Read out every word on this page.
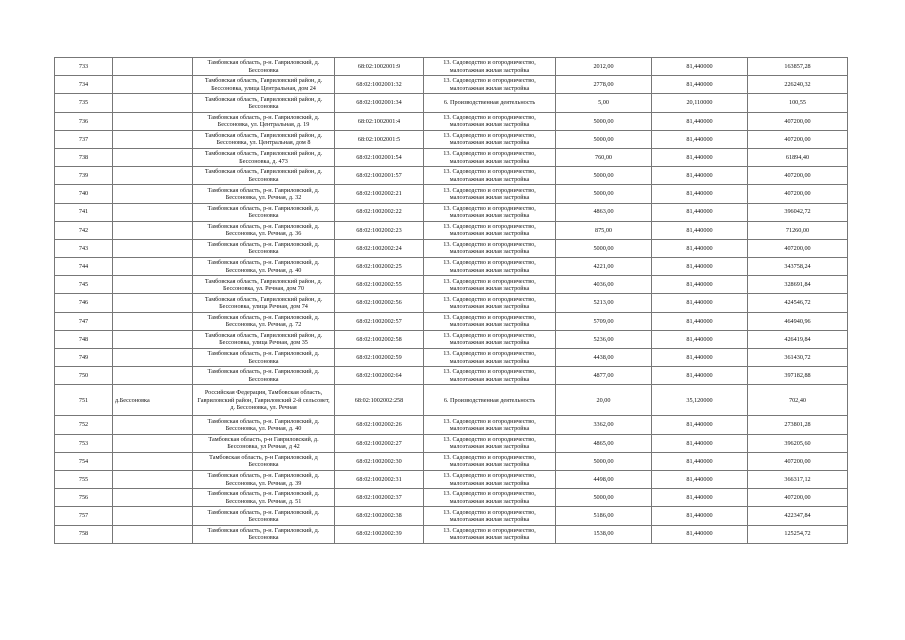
733		Тамбовская область, р-н. Гавриловский, д. Бессоновка	68:02:1002001:9	13. Садоводство и огородничество, малоэтажная жилая застройка	2012,00	81,440000	163857,28
734		Тамбовская область, Гавриловский район, д. Бессоновка, улица Центральная, дом 24	68:02:1002001:32	13. Садоводство и огородничество, малоэтажная жилая застройка	2778,00	81,440000	226240,32
735		Тамбовская область, Гавриловский район, д. Бессоновка	68:02:1002001:34	6. Производственная деятельность	5,00	20,110000	100,55
736		Тамбовская область, р-н. Гавриловский, д. Бессоновка, ул. Центральная, д. 19	68:02:1002001:4	13. Садоводство и огородничество, малоэтажная жилая застройка	5000,00	81,440000	407200,00
737		Тамбовская область, Гавриловский район, д. Бессоновка, ул. Центральная, дом 8	68:02:1002001:5	13. Садоводство и огородничество, малоэтажная жилая застройка	5000,00	81,440000	407200,00
738		Тамбовская область, Гавриловский район, д. Бессоновка, д. 473	68:02:1002001:54	13. Садоводство и огородничество, малоэтажная жилая застройка	760,00	81,440000	61894,40
739		Тамбовская область, Гавриловский район, д. Бессоновка	68:02:1002001:57	13. Садоводство и огородничество, малоэтажная жилая застройка	5000,00	81,440000	407200,00
740		Тамбовская область, р-н. Гавриловский, д. Бессоновка, ул. Речная, д. 32	68:02:1002002:21	13. Садоводство и огородничество, малоэтажная жилая застройка	5000,00	81,440000	407200,00
741		Тамбовская область, р-н. Гавриловский, д. Бессоновка	68:02:1002002:22	13. Садоводство и огородничество, малоэтажная жилая застройка	4863,00	81,440000	396042,72
742		Тамбовская область, р-н. Гавриловский, д. Бессоновка, ул. Речная, д. 36	68:02:1002002:23	13. Садоводство и огородничество, малоэтажная жилая застройка	875,00	81,440000	71260,00
743		Тамбовская область, р-н. Гавриловский, д. Бессоновка	68:02:1002002:24	13. Садоводство и огородничество, малоэтажная жилая застройка	5000,00	81,440000	407200,00
744		Тамбовская область, р-н. Гавриловский, д. Бессоновка, ул. Речная, д. 40	68:02:1002002:25	13. Садоводство и огородничество, малоэтажная жилая застройка	4221,00	81,440000	343758,24
745		Тамбовская область, Гавриловский район, д. Бессоновка, ул. Речная, дом 70	68:02:1002002:55	13. Садоводство и огородничество, малоэтажная жилая застройка	4036,00	81,440000	328691,84
746		Тамбовская область, Гавриловский район, д. Бессоновка, улица Речная, дом 74	68:02:1002002:56	13. Садоводство и огородничество, малоэтажная жилая застройка	5213,00	81,440000	424546,72
747		Тамбовская область, р-н. Гавриловский, д. Бессоновка, ул. Речная, д. 72	68:02:1002002:57	13. Садоводство и огородничество, малоэтажная жилая застройка	5709,00	81,440000	464940,96
748		Тамбовская область, Гавриловский район, д. Бессоновка, улица Речная, дом 35	68:02:1002002:58	13. Садоводство и огородничество, малоэтажная жилая застройка	5236,00	81,440000	426419,84
749		Тамбовская область, р-н. Гавриловский, д. Бессоновка	68:02:1002002:59	13. Садоводство и огородничество, малоэтажная жилая застройка	4438,00	81,440000	361430,72
750		Тамбовская область, р-н. Гавриловский, д. Бессоновка	68:02:1002002:64	13. Садоводство и огородничество, малоэтажная жилая застройка	4877,00	81,440000	397182,88
751	д.Бессоновка	Российская Федерация, Тамбовская область, Гавриловский район, Гавриловский 2-й сельсовет, д. Бессоновка, ул. Речная	68:02:1002002:258	6. Производственная деятельность	20,00	35,120000	702,40
752		Тамбовская область, р-н. Гавриловский, д. Бессоновка, ул. Речная, д. 40	68:02:1002002:26	13. Садоводство и огородничество, малоэтажная жилая застройка	3362,00	81,440000	273801,28
753		Тамбовская область, р-н Гавриловский, д. Бессоновка, ул Речная, д 42	68:02:1002002:27	13. Садоводство и огородничество, малоэтажная жилая застройка	4865,00	81,440000	396205,60
754		Тамбовская область, р-н Гавриловский, д Бессоновка	68:02:1002002:30	13. Садоводство и огородничество, малоэтажная жилая застройка	5000,00	81,440000	407200,00
755		Тамбовская область, р-н. Гавриловский, д. Бессоновка, ул. Речная, д. 39	68:02:1002002:31	13. Садоводство и огородничество, малоэтажная жилая застройка	4498,00	81,440000	366317,12
756		Тамбовская область, р-н. Гавриловский, д. Бессоновка, ул. Речная, д. 51	68:02:1002002:37	13. Садоводство и огородничество, малоэтажная жилая застройка	5000,00	81,440000	407200,00
757		Тамбовская область, р-н. Гавриловский, д. Бессоновка	68:02:1002002:38	13. Садоводство и огородничество, малоэтажная жилая застройка	5186,00	81,440000	422347,84
758		Тамбовская область, р-н. Гавриловский, д. Бессоновка	68:02:1002002:39	13. Садоводство и огородничество, малоэтажная жилая застройка	1538,00	81,440000	125254,72
